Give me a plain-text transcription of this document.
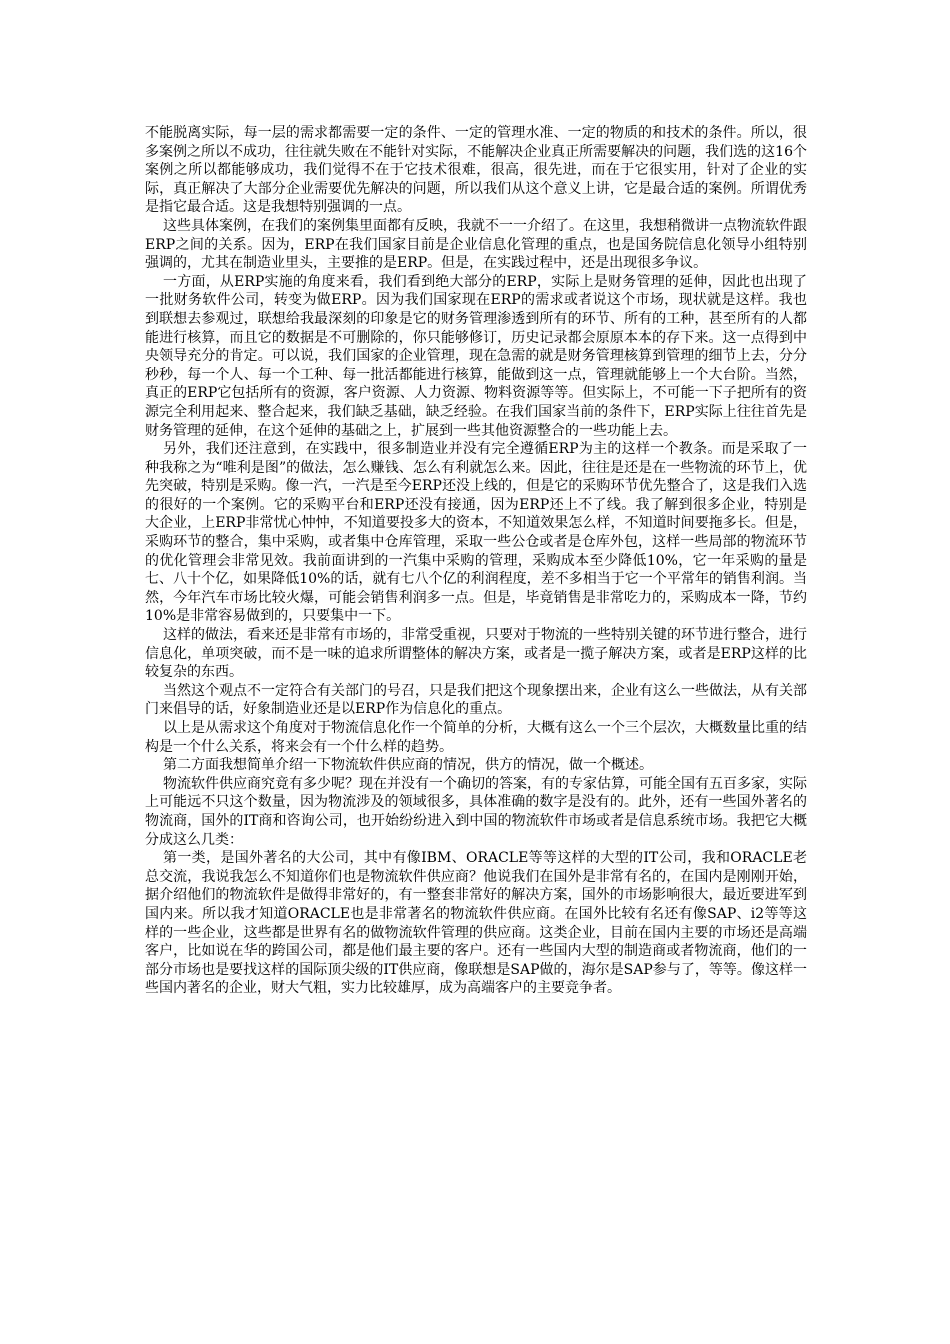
不能脱离实际，每一层的需求都需要一定的条件、一定的管理水准、一定的物质的和技术的条件。所以，很多案例之所以不成功，往往就失败在不能针对实际，不能解决企业真正所需要解决的问题，我们选的这16个案例之所以都能够成功，我们觉得不在于它技术很难，很高，很先进，而在于它很实用，针对了企业的实际，真正解决了大部分企业需要优先解决的问题，所以我们从这个意义上讲，它是最合适的案例。所谓优秀是指它最合适。这是我想特别强调的一点。

这些具体案例，在我们的案例集里面都有反映，我就不一一介绍了。在这里，我想稍微讲一点物流软件跟ERP之间的关系。因为，ERP在我们国家目前是企业信息化管理的重点，也是国务院信息化领导小组特别强调的，尤其在制造业里头，主要推的是ERP。但是，在实践过程中，还是出现很多争议。

一方面，从ERP实施的角度来看，我们看到绝大部分的ERP，实际上是财务管理的延伸，因此也出现了一批财务软件公司，转变为做ERP。因为我们国家现在ERP的需求或者说这个市场，现状就是这样。我也到联想去参观过，联想给我最深刻的印象是它的财务管理渗透到所有的环节、所有的工种，甚至所有的人都能进行核算，而且它的数据是不可删除的，你只能够修订，历史记录都会原原本本的存下来。这一点得到中央领导充分的肯定。可以说，我们国家的企业管理，现在急需的就是财务管理核算到管理的细节上去，分分秒秒，每一个人、每一个工种、每一批活都能进行核算，能做到这一点，管理就能够上一个大台阶。当然，真正的ERP它包括所有的资源，客户资源、人力资源、物料资源等等。但实际上，不可能一下子把所有的资源完全利用起来、整合起来，我们缺乏基础，缺乏经验。在我们国家当前的条件下，ERP实际上往往首先是财务管理的延伸，在这个延伸的基础之上，扩展到一些其他资源整合的一些功能上去。

另外，我们还注意到，在实践中，很多制造业并没有完全遵循ERP为主的这样一个教条。而是采取了一种我称之为“唯利是图”的做法，怎么赚钱、怎么有利就怎么来。因此，往往是还是在一些物流的环节上，优先突破，特别是采购。像一汽，一汽是至今ERP还没上线的，但是它的采购环节优先整合了，这是我们入选的很好的一个案例。它的采购平台和ERP还没有接通，因为ERP还上不了线。我了解到很多企业，特别是大企业，上ERP非常忧心忡忡，不知道要投多大的资本，不知道效果怎么样，不知道时间要拖多长。但是，采购环节的整合，集中采购，或者集中仓库管理，采取一些公仓或者是仓库外包，这样一些局部的物流环节的优化管理会非常见效。我前面讲到的一汽集中采购的管理，采购成本至少降低10%，它一年采购的量是七、八十个亿，如果降低10%的话，就有七八个亿的利润程度，差不多相当于它一个平常年的销售利润。当然，今年汽车市场比较火爆，可能会销售利润多一点。但是，毕竟销售是非常吃力的，采购成本一降，节约10%是非常容易做到的，只要集中一下。

这样的做法，看来还是非常有市场的，非常受重视，只要对于物流的一些特别关键的环节进行整合，进行信息化，单项突破，而不是一味的追求所谓整体的解决方案，或者是一揽子解决方案，或者是ERP这样的比较复杂的东西。

当然这个观点不一定符合有关部门的号召，只是我们把这个现象摆出来，企业有这么一些做法，从有关部门来倡导的话，好象制造业还是以ERP作为信息化的重点。

以上是从需求这个角度对于物流信息化作一个简单的分析，大概有这么一个三个层次，大概数量比重的结构是一个什么关系，将来会有一个什么样的趋势。

第二方面我想简单介绍一下物流软件供应商的情况，供方的情况，做一个概述。

物流软件供应商究竟有多少呢？现在并没有一个确切的答案，有的专家估算，可能全国有五百多家，实际上可能远不只这个数量，因为物流涉及的领域很多，具体准确的数字是没有的。此外，还有一些国外著名的物流商，国外的IT商和咨询公司，也开始纷纷进入到中国的物流软件市场或者是信息系统市场。我把它大概分成这么几类：

第一类，是国外著名的大公司，其中有像IBM、ORACLE等等这样的大型的IT公司，我和ORACLE老总交流，我说我怎么不知道你们也是物流软件供应商？他说我们在国外是非常有名的，在国内是刚刚开始，据介绍他们的物流软件是做得非常好的，有一整套非常好的解决方案，国外的市场影响很大，最近要进军到国内来。所以我才知道ORACLE也是非常著名的物流软件供应商。在国外比较有名还有像SAP、i2等等这样的一些企业，这些都是世界有名的做物流软件管理的供应商。这类企业，目前在国内主要的市场还是高端客户，比如说在华的跨国公司，都是他们最主要的客户。还有一些国内大型的制造商或者物流商，他们的一部分市场也是要找这样的国际顶尖级的IT供应商，像联想是SAP做的，海尔是SAP参与了，等等。像这样一些国内著名的企业，财大气粗，实力比较雄厚，成为高端客户的主要竞争者。
